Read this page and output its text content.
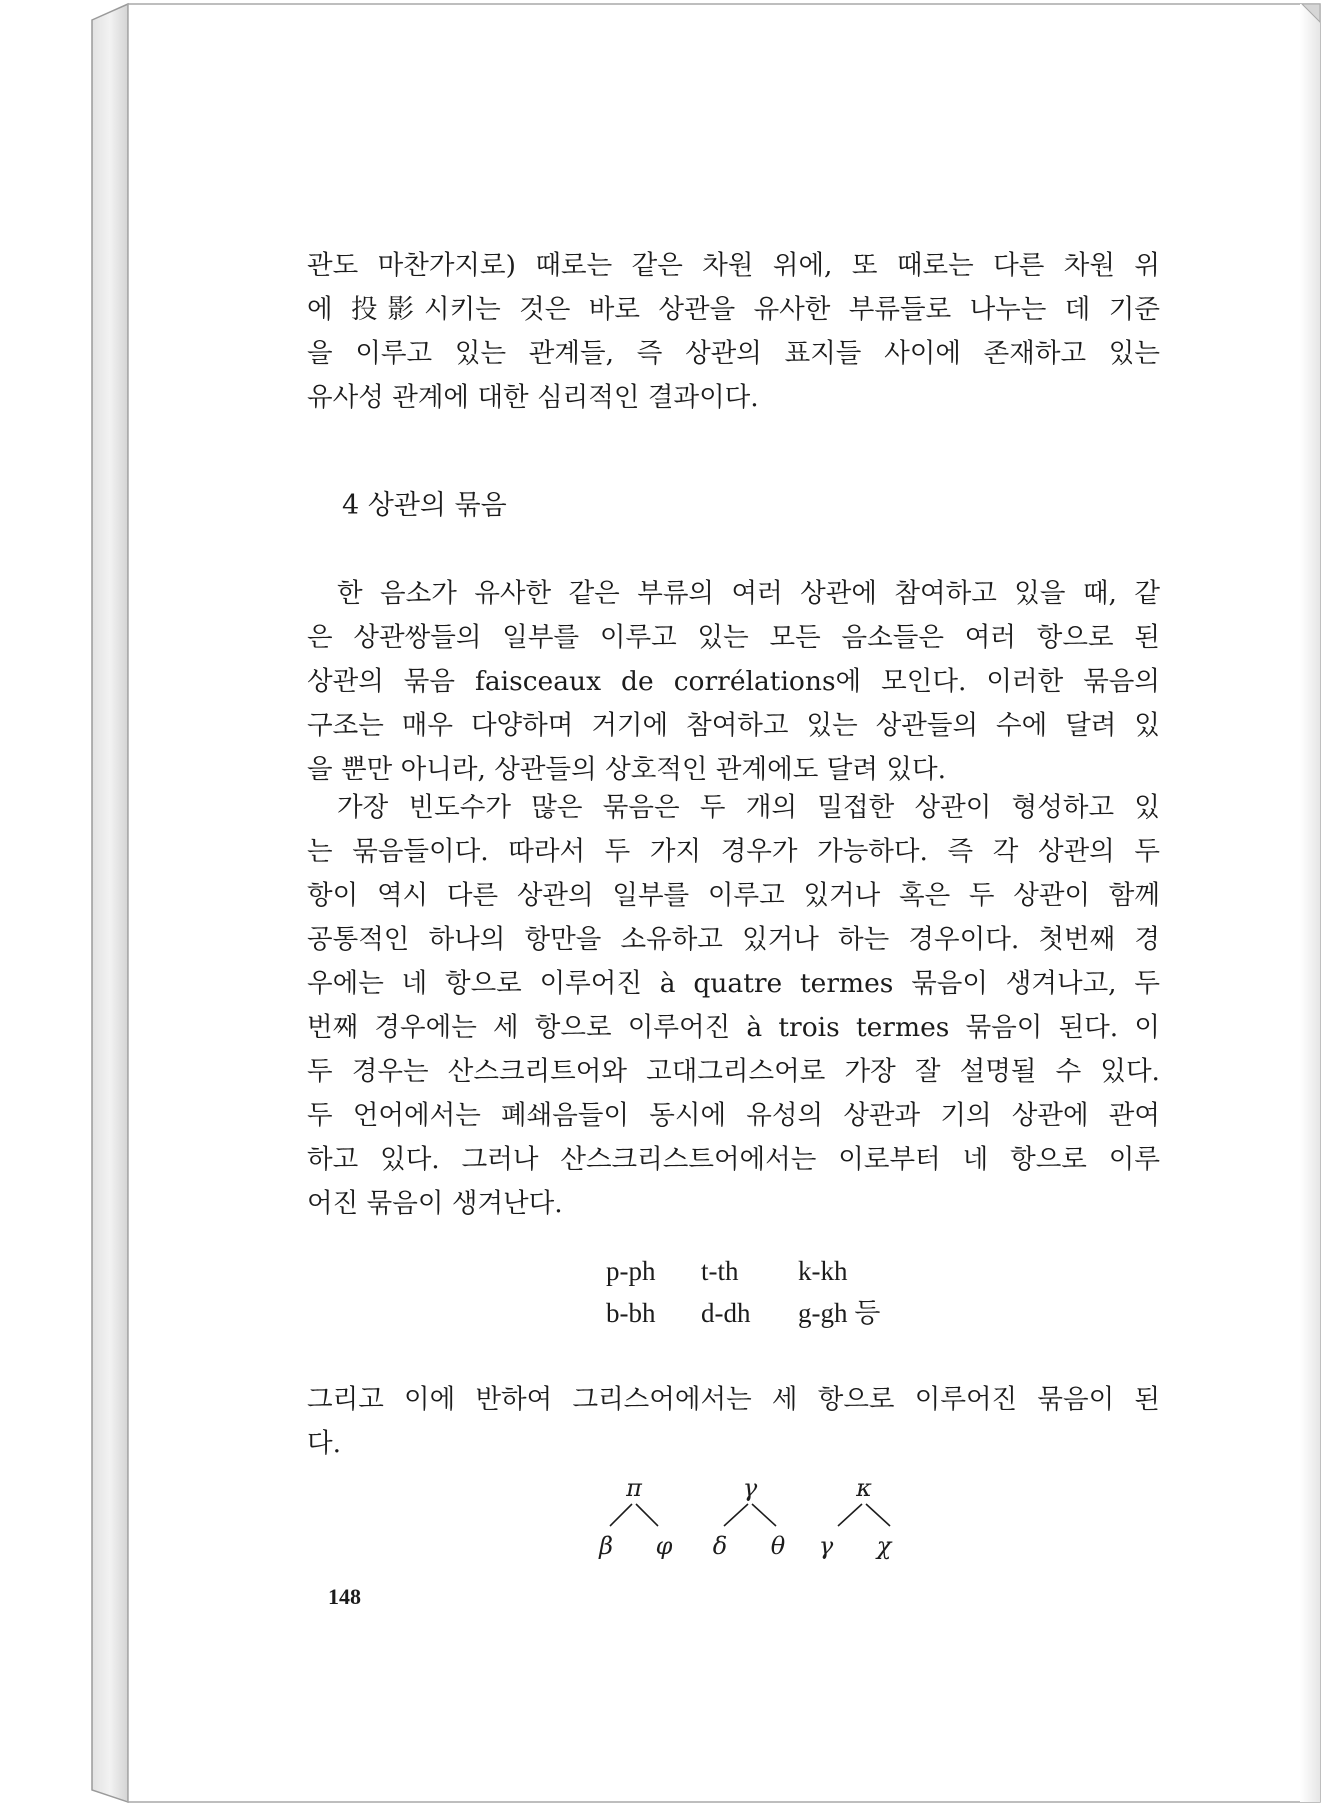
관도 마찬가지로) 때로는 같은 차원 위에, 또 때로는 다른 차원 위
에 投影시키는 것은 바로 상관을 유사한 부류들로 나누는 데 기준
을 이루고 있는 관계들, 즉 상관의 표지들 사이에 존재하고 있는
유사성 관계에 대한 심리적인 결과이다.
4 상관의 묶음
한 음소가 유사한 같은 부류의 여러 상관에 참여하고 있을 때, 같
은 상관쌍들의 일부를 이루고 있는 모든 음소들은 여러 항으로 된
상관의 묶음 faisceaux de corrélations에 모인다. 이러한 묶음의
구조는 매우 다양하며 거기에 참여하고 있는 상관들의 수에 달려 있
을 뿐만 아니라, 상관들의 상호적인 관계에도 달려 있다.
가장 빈도수가 많은 묶음은 두 개의 밀접한 상관이 형성하고 있
는 묶음들이다. 따라서 두 가지 경우가 가능하다. 즉 각 상관의 두
항이 역시 다른 상관의 일부를 이루고 있거나 혹은 두 상관이 함께
공통적인 하나의 항만을 소유하고 있거나 하는 경우이다. 첫번째 경
우에는 네 항으로 이루어진 à quatre termes 묶음이 생겨나고, 두
번째 경우에는 세 항으로 이루어진 à trois termes 묶음이 된다. 이
두 경우는 산스크리트어와 고대그리스어로 가장 잘 설명될 수 있다.
두 언어에서는 폐쇄음들이 동시에 유성의 상관과 기의 상관에 관여
하고 있다. 그러나 산스크리스트어에서는 이로부터 네 항으로 이루
어진 묶음이 생겨난다.
p-ph	t-th	k-kh
b-bh	d-dh	g-gh 등
그리고 이에 반하여 그리스어에서는 세 항으로 이루어진 묶음이 된
다.
π
β φ
γ
δ θ
κ
γ χ
148
